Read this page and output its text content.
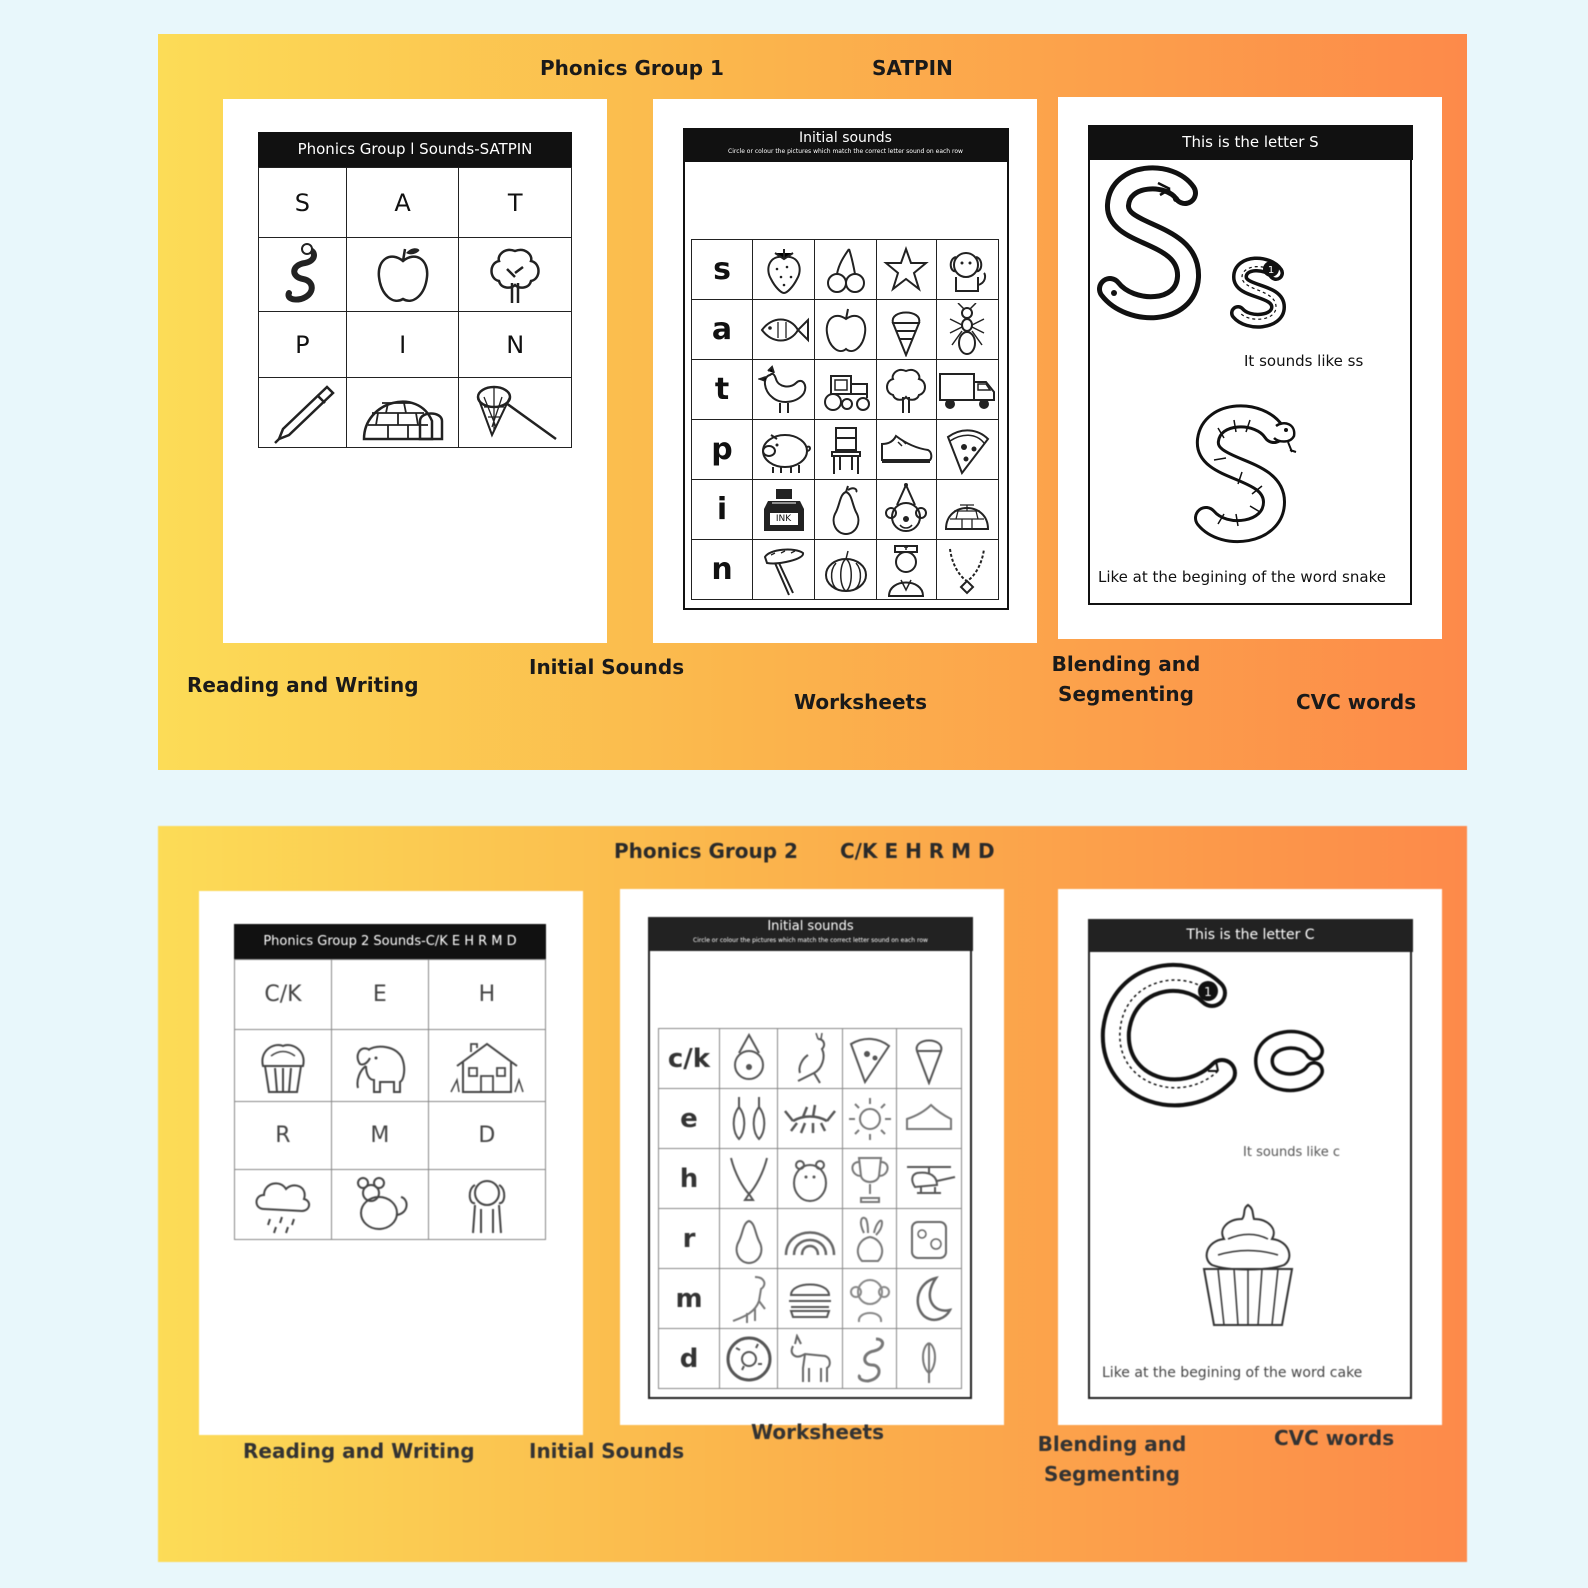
Phonics Group 1	SATPIN
Phonics Group l Sounds-SATPIN
S	A	T

P	I	N

Initial sounds
Circle or colour the pictures which match the correct letter sound on each row
s	

a	

t	

p	

i	INK

n	

This is the letter S
1
It sounds like ss
Like at the begining of the word snake
Reading and Writing
Initial Sounds
Worksheets
Blending and
Segmenting	CVC words
Phonics Group 2 C/K E H R M D
Phonics Group 2 Sounds-C/K E H R M D
C/K	E	H

R	M	D

Initial sounds
Circle or colour the pictures which match the correct letter sound on each row
c/k	

e	

h	

r	

m	

d	

This is the letter C
1
It sounds like c
Like at the begining of the word cake
Reading and Writing	Initial Sounds
Worksheets	Blending and
Segmenting
CVC words
